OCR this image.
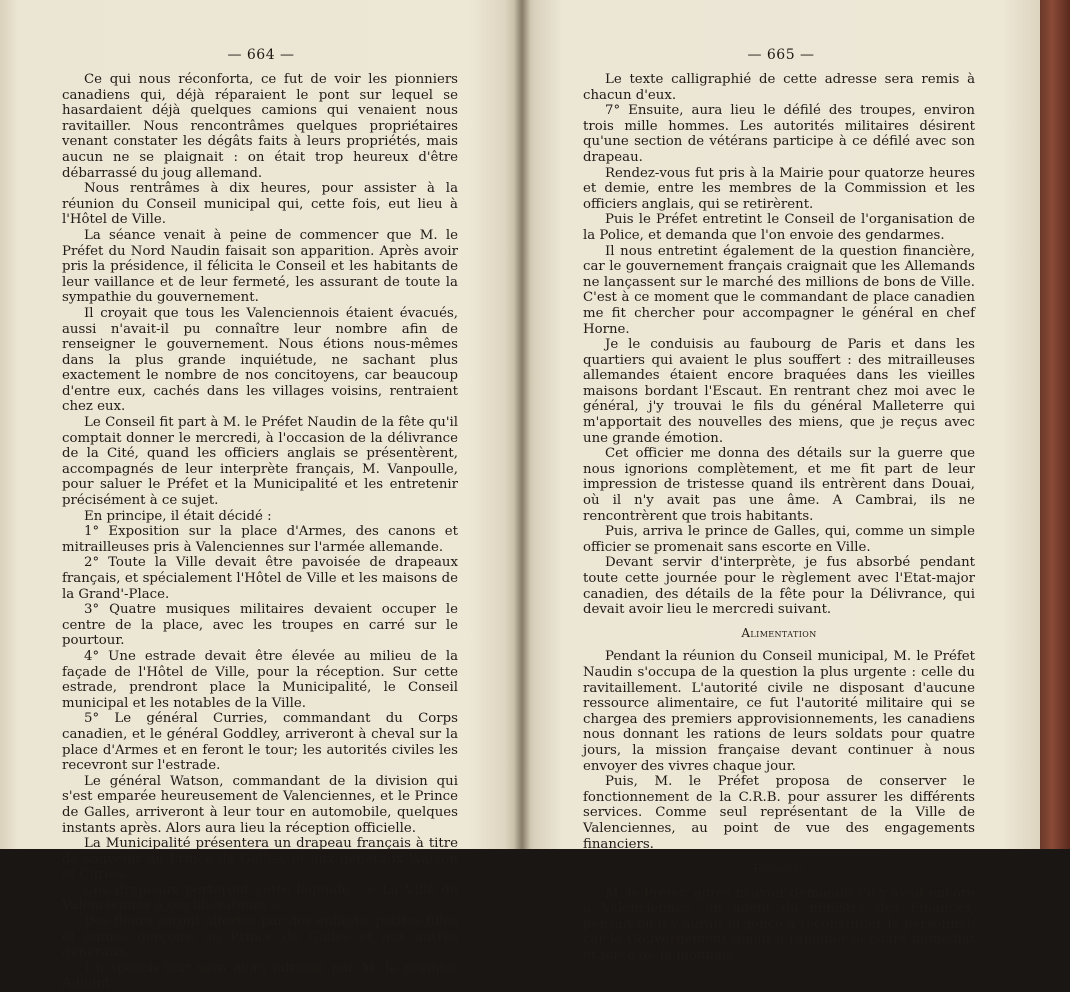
— 664 —	— 665 —

Ce qui nous réconforta, ce fut de voir les pionniers canadiens qui, déjà réparaient le pont sur lequel se hasardaient déjà quelques camions qui venaient nous ravitailler. Nous rencontrâmes quelques propriétaires venant constater les dégâts faits à leurs propriétés, mais aucun ne se plaignait : on était trop heureux d'être débarrassé du joug allemand.

Nous rentrâmes à dix heures, pour assister à la réunion du Conseil municipal qui, cette fois, eut lieu à l'Hôtel de Ville.

La séance venait à peine de commencer que M. le Préfet du Nord Naudin faisait son apparition. Après avoir pris la présidence, il félicita le Conseil et les habitants de leur vaillance et de leur fermeté, les assurant de toute la sympathie du gouvernement.

Il croyait que tous les Valenciennois étaient évacués, aussi n'avait-il pu connaître leur nombre afin de renseigner le gouvernement. Nous étions nous-mêmes dans la plus grande inquiétude, ne sachant plus exactement le nombre de nos concitoyens, car beaucoup d'entre eux, cachés dans les villages voisins, rentraient chez eux.

Le Conseil fit part à M. le Préfet Naudin de la fête qu'il comptait donner le mercredi, à l'occasion de la délivrance de la Cité, quand les officiers anglais se présentèrent, accompagnés de leur interprète français, M. Vanpoulle, pour saluer le Préfet et la Municipalité et les entretenir précisément à ce sujet.

En principe, il était décidé :

1° Exposition sur la place d'Armes, des canons et mitrailleuses pris à Valenciennes sur l'armée allemande.

2° Toute la Ville devait être pavoisée de drapeaux français, et spécialement l'Hôtel de Ville et les maisons de la Grand'-Place.

3° Quatre musiques militaires devaient occuper le centre de la place, avec les troupes en carré sur le pourtour.

4° Une estrade devait être élevée au milieu de la façade de l'Hôtel de Ville, pour la réception. Sur cette estrade, prendront place la Municipalité, le Conseil municipal et les notables de la Ville.

5° Le général Curries, commandant du Corps canadien, et le général Goddley, arriveront à cheval sur la place d'Armes et en feront le tour; les autorités civiles les recevront sur l'estrade.

Le général Watson, commandant de la division qui s'est emparée heureusement de Valenciennes, et le Prince de Galles, arriveront à leur tour en automobile, quelques instants après. Alors aura lieu la réception officielle.

La Municipalité présentera un drapeau français à titre de souvenir au Prince de Galles, et aux généraux Watson et Curies.

Ces drapeaux porteront cette légende : « La Ville de Valenciennes à ses libérateurs ».

Des fleurs seront offertes par des enfants, petites filles et jeunes garçons, au Prince de Galles et aux autres généraux.

Un speech leur sera alors adressé par M. le premier Adjoint.

Le texte calligraphié de cette adresse sera remis à chacun d'eux.

7° Ensuite, aura lieu le défilé des troupes, environ trois mille hommes. Les autorités militaires désirent qu'une section de vétérans participe à ce défilé avec son drapeau.

Rendez-vous fut pris à la Mairie pour quatorze heures et demie, entre les membres de la Commission et les officiers anglais, qui se retirèrent.

Puis le Préfet entretint le Conseil de l'organisation de la Police, et demanda que l'on envoie des gendarmes.

Il nous entretint également de la question financière, car le gouvernement français craignait que les Allemands ne lançassent sur le marché des millions de bons de Ville. C'est à ce moment que le commandant de place canadien me fit chercher pour accompagner le général en chef Horne.

Je le conduisis au faubourg de Paris et dans les quartiers qui avaient le plus souffert : des mitrailleuses allemandes étaient encore braquées dans les vieilles maisons bordant l'Escaut. En rentrant chez moi avec le général, j'y trouvai le fils du général Malleterre qui m'apportait des nouvelles des miens, que je reçus avec une grande émotion.

Cet officier me donna des détails sur la guerre que nous ignorions complètement, et me fit part de leur impression de tristesse quand ils entrèrent dans Douai, où il n'y avait pas une âme. A Cambrai, ils ne rencontrèrent que trois habitants.

Puis, arriva le prince de Galles, qui, comme un simple officier se promenait sans escorte en Ville.

Devant servir d'interprète, je fus absorbé pendant toute cette journée pour le règlement avec l'Etat-major canadien, des détails de la fête pour la Délivrance, qui devait avoir lieu le mercredi suivant.

Alimentation

Pendant la réunion du Conseil municipal, M. le Préfet Naudin s'occupa de la question la plus urgente : celle du ravitaillement. L'autorité civile ne disposant d'aucune ressource alimentaire, ce fut l'autorité militaire qui se chargea des premiers approvisionnements, les canadiens nous donnant les rations de leurs soldats pour quatre jours, la mission française devant continuer à nous envoyer des vivres chaque jour.

Puis, M. le Préfet proposa de conserver le fonctionnement de la C.R.B. pour assurer les différents services. Comme seul représentant de la Ville de Valenciennes, au point de vue des engagements financiers.

Finances

M. le Préfet, après m'avoir demandé s'il y avait encore à Valenciennes, un agent du ministre des Finances, pensait qu'il y aurait urgence à reconstituer le personnel, car le Gouvernement tenait à ramener le cours immédiat et forcé de la monnaie,
